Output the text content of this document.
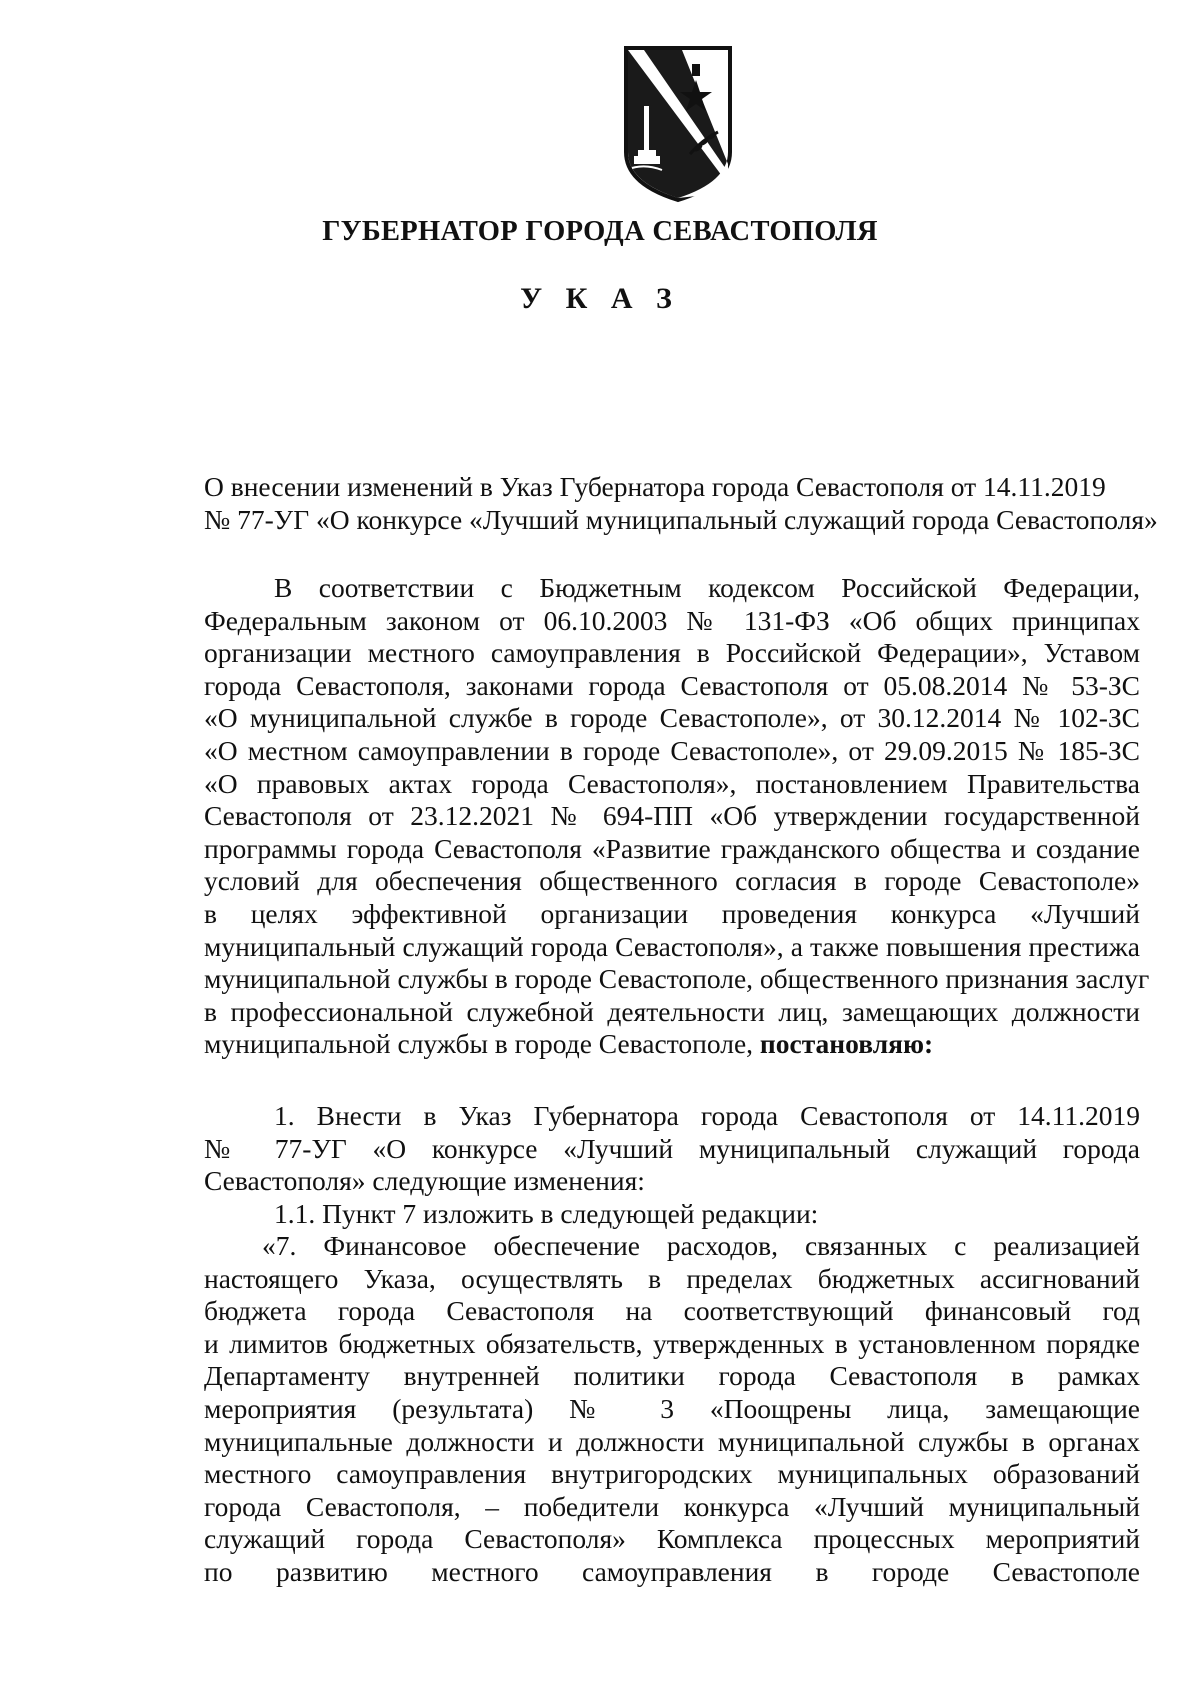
ГУБЕРНАТОР ГОРОДА СЕВАСТОПОЛЯ
У К А З
О внесении изменений в Указ Губернатора города Севастополя от 14.11.2019
№ 77-УГ «О конкурсе «Лучший муниципальный служащий города Севастополя»
В соответствии с Бюджетным кодексом Российской Федерации,
Федеральным законом от 06.10.2003 № 131-ФЗ «Об общих принципах
организации местного самоуправления в Российской Федерации», Уставом
города Севастополя, законами города Севастополя от 05.08.2014 № 53-ЗС
«О муниципальной службе в городе Севастополе», от 30.12.2014 № 102-ЗС
«О местном самоуправлении в городе Севастополе», от 29.09.2015 № 185-ЗС
«О правовых актах города Севастополя», постановлением Правительства
Севастополя от 23.12.2021 № 694-ПП «Об утверждении государственной
программы города Севастополя «Развитие гражданского общества и создание
условий для обеспечения общественного согласия в городе Севастополе»
в целях эффективной организации проведения конкурса «Лучший
муниципальный служащий города Севастополя», а также повышения престижа
муниципальной службы в городе Севастополе, общественного признания заслуг
в профессиональной служебной деятельности лиц, замещающих должности
муниципальной службы в городе Севастополе, постановляю:
1. Внести в Указ Губернатора города Севастополя от 14.11.2019
№ 77-УГ «О конкурсе «Лучший муниципальный служащий города
Севастополя» следующие изменения:
1.1. Пункт 7 изложить в следующей редакции:
«7. Финансовое обеспечение расходов, связанных с реализацией
настоящего Указа, осуществлять в пределах бюджетных ассигнований
бюджета города Севастополя на соответствующий финансовый год
и лимитов бюджетных обязательств, утвержденных в установленном порядке
Департаменту внутренней политики города Севастополя в рамках
мероприятия (результата) № 3 «Поощрены лица, замещающие
муниципальные должности и должности муниципальной службы в органах
местного самоуправления внутригородских муниципальных образований
города Севастополя, – победители конкурса «Лучший муниципальный
служащий города Севастополя» Комплекса процессных мероприятий
по развитию местного самоуправления в городе Севастополе
